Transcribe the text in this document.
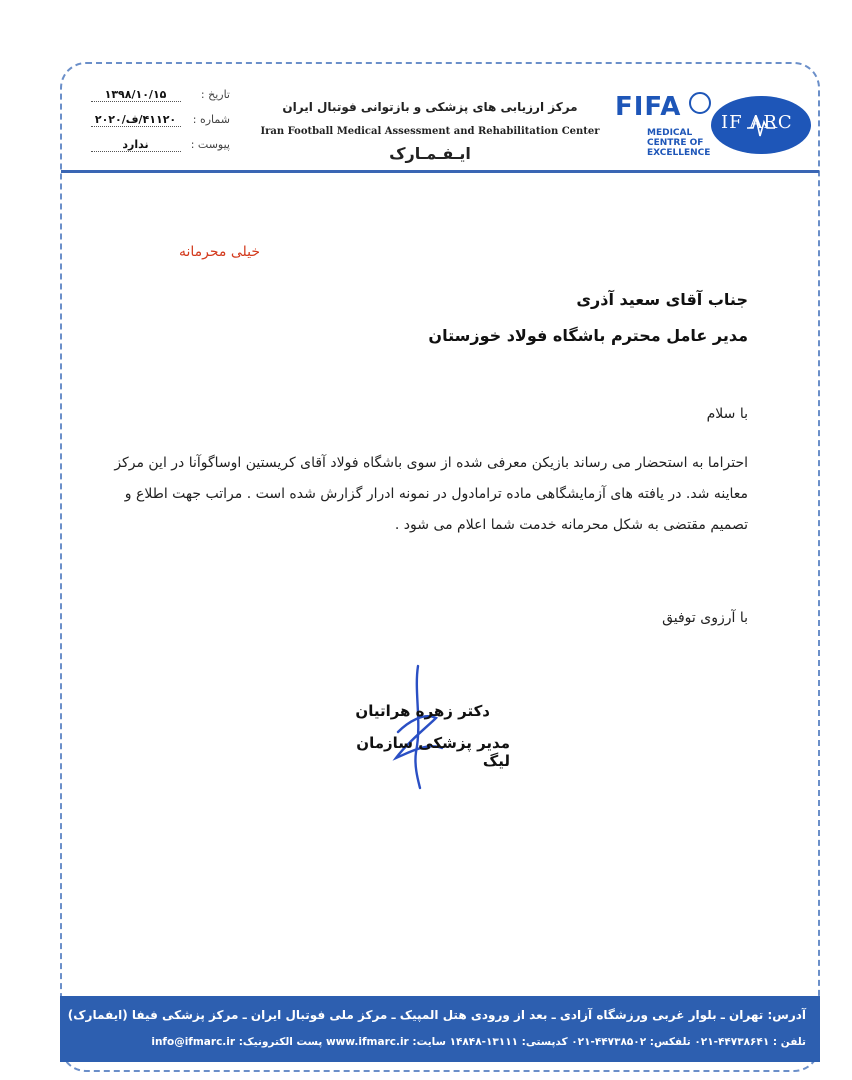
FIFA
MEDICAL
CENTRE OF
EXCELLENCE
IF ARC
مرکز ارزیابی های پزشکی و بازتوانی فوتبال ایران
Iran Football Medical Assessment and Rehabilitation Center
ایـفـمـارک
تاریخ : ۱۳۹۸/۱۰/۱۵
شماره : ۴۱۱۲۰/ف/۲۰۲۰
پیوست : ندارد
خیلی محرمانه
جناب آقای سعید آذری
مدیر عامل محترم باشگاه فولاد خوزستان
با سلام
احتراما به استحضار می رساند بازیکن معرفی شده از سوی باشگاه فولاد آقای کریستین اوساگوآنا در این مرکز معاینه شد. در یافته های آزمایشگاهی ماده ترامادول در نمونه ادرار گزارش شده است . مراتب جهت اطلاع و تصمیم مقتضی به شکل محرمانه خدمت شما اعلام می شود .
با آرزوی توفیق
دکتر زهره هراتیان
مدیر پزشکی سازمان لیگ
آدرس: تهران ـ بلوار غربی ورزشگاه آزادی ـ بعد از ورودی هتل المپیک ـ مرکز ملی فوتبال ایران ـ مرکز پزشکی فیفا (ایفمارک)
تلفن : ۴۴۷۳۸۶۴۱-۰۲۱ تلفکس: ۴۴۷۳۸۵۰۲-۰۲۱ کدپستی: ۱۳۱۱۱-۱۴۸۴۸ سایت: www.ifmarc.ir پست الکترونیک: info@ifmarc.ir
